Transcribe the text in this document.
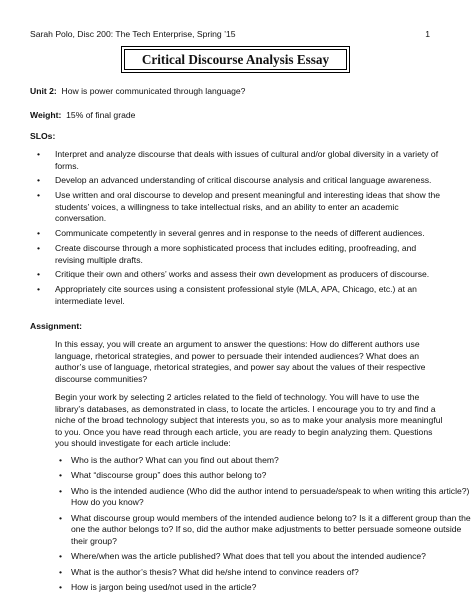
Sarah Polo, Disc 200: The Tech Enterprise, Spring ’15	1
Critical Discourse Analysis Essay
Unit 2: How is power communicated through language?
Weight: 15% of final grade
SLOs:
• Interpret and analyze discourse that deals with issues of cultural and/or global diversity in a variety of forms.
• Develop an advanced understanding of critical discourse analysis and critical language awareness.
• Use written and oral discourse to develop and present meaningful and interesting ideas that show the students’ voices, a willingness to take intellectual risks, and an ability to enter an academic conversation.
• Communicate competently in several genres and in response to the needs of different audiences.
• Create discourse through a more sophisticated process that includes editing, proofreading, and revising multiple drafts.
• Critique their own and others’ works and assess their own development as producers of discourse.
• Appropriately cite sources using a consistent professional style (MLA, APA, Chicago, etc.) at an intermediate level.
Assignment:

In this essay, you will create an argument to answer the questions: How do different authors use language, rhetorical strategies, and power to persuade their intended audiences? What does an author’s use of language, rhetorical strategies, and power say about the values of their respective discourse communities?

Begin your work by selecting 2 articles related to the field of technology. You will have to use the library’s databases, as demonstrated in class, to locate the articles. I encourage you to try and find a niche of the broad technology subject that interests you, so as to make your analysis more meaningful to you. Once you have read through each article, you are ready to begin analyzing them. Questions you should investigate for each article include:

• Who is the author? What can you find out about them?
• What “discourse group” does this author belong to?
• Who is the intended audience (Who did the author intend to persuade/speak to when writing this article?) How do you know?
• What discourse group would members of the intended audience belong to? Is it a different group than the one the author belongs to? If so, did the author make adjustments to better persuade someone outside their group?
• Where/when was the article published? What does that tell you about the intended audience?
• What is the author’s thesis? What did he/she intend to convince readers of?
• How is jargon being used/not used in the article?
